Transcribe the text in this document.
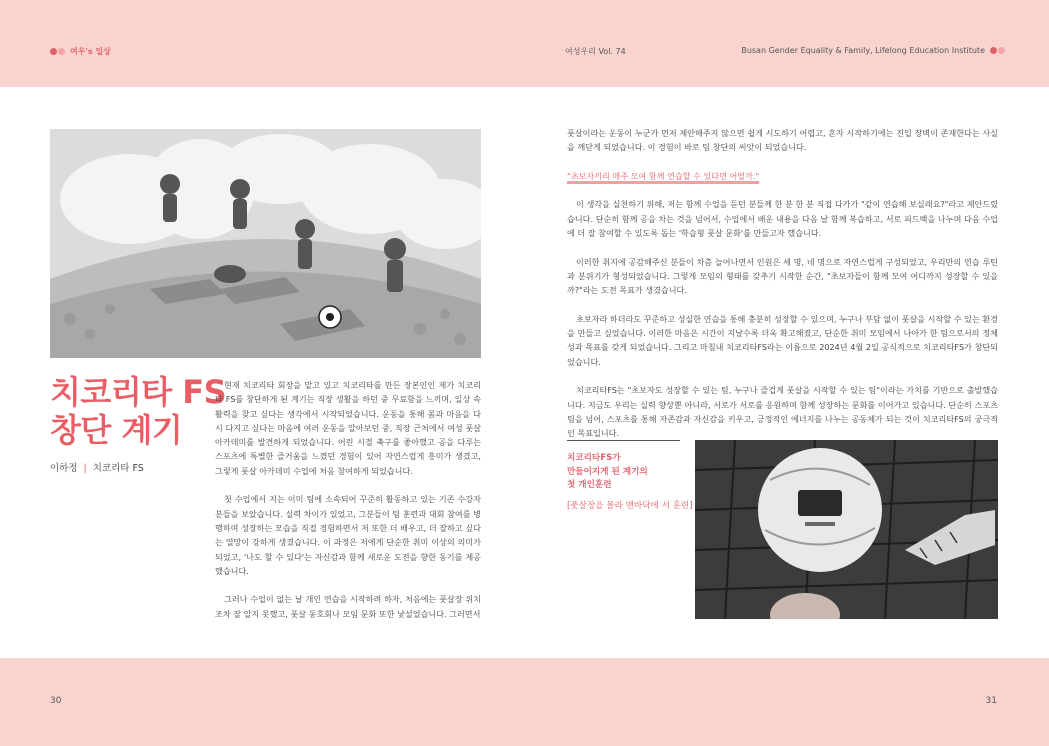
여우's 일상	여성우리 Vol. 74	Busan Gender Equality & Family, Lifelong Education Institute
치코리타 FS
창단 계기
이하정 | 치코리타 FS

현재 치코리타 회장을 맡고 있고 치코리타를 만든 장본인인 제가 치코리타 FS를 창단하게 된 계기는 직장 생활을 하던 중 무료함을 느끼며, 일상 속 활력을 찾고 싶다는 생각에서 시작되었습니다. 운동을 통해 몸과 마음을 다시 다지고 싶다는 마음에 여러 운동을 알아보던 중, 직장 근처에서 여성 풋살 아카데미를 발견하게 되었습니다. 어린 시절 축구를 좋아했고 공을 다루는 스포츠에 특별한 즐거움을 느꼈던 경험이 있어 자연스럽게 흥미가 생겼고, 그렇게 풋살 아카데미 수업에 처음 참여하게 되었습니다.

첫 수업에서 지는 이미 팀에 소속되어 꾸준히 활동하고 있는 기존 수강자 분들을 보았습니다. 실력 차이가 있었고, 그분들이 팀 훈련과 대회 참여를 병행하며 성장하는 모습을 직접 경험하면서 저 또한 더 배우고, 더 잘하고 싶다는 열망이 강하게 생겼습니다. 이 과정은 저에게 단순한 취미 이상의 의미가 되었고, '나도 할 수 있다'는 자신감과 함께 새로운 도전을 향한 동기를 제공했습니다.

그러나 수업이 없는 날 개인 연습을 시작하려 하자, 처음에는 풋살장 위치 조차 잘 알지 못했고, 풋살 동호회나 모임 문화 또한 낯설었습니다. 그러면서

풋살이라는 운동이 누군가 먼저 제안해주지 않으면 쉽게 시도하기 어렵고, 혼자 시작하기에는 진입 장벽이 존재한다는 사실을 깨닫게 되었습니다. 이 경험이 바로 팀 창단의 씨앗이 되었습니다.

"초보자끼리 매주 모여 함께 연습할 수 있다면 어떨까."

이 생각을 실천하기 위해, 저는 함께 수업을 듣던 분들께 한 분 한 분 직접 다가가 "같이 연습해 보실래요?"라고 제안드렸습니다. 단순히 함께 공을 차는 것을 넘어서, 수업에서 배운 내용을 다음 날 함께 복습하고, 서로 피드백을 나누며 다음 수업에 더 잘 참여할 수 있도록 돕는 '학습형 풋살 문화'를 만들고자 했습니다.

이러한 취지에 공감해주신 분들이 차츰 늘어나면서 인원은 세 명, 네 명으로 자연스럽게 구성되었고, 우리만의 연습 루틴과 분위기가 형성되었습니다. 그렇게 모임의 형태를 갖추기 시작한 순간, "초보자들이 함께 모여 어디까지 성장할 수 있을까?"라는 도전 목표가 생겼습니다.

초보자라 하더라도 꾸준하고 성실한 연습을 통해 충분히 성장할 수 있으며, 누구나 부담 없이 풋살을 시작할 수 있는 환경을 만들고 싶었습니다. 이러한 마음은 시간이 지날수록 더욱 확고해졌고, 단순한 취미 모임에서 나아가 한 팀으로서의 정체성과 목표를 갖게 되었습니다. 그리고 마침내 치코리타FS라는 이름으로 2024년 4월 2일 공식적으로 치코리타FS가 창단되었습니다.

치코리타FS는 "초보자도 성장할 수 있는 팀, 누구나 즐겁게 풋살을 시작할 수 있는 팀"이라는 가치를 기반으로 출발했습니다. 지금도 우리는 실력 향상뿐 아니라, 서로가 서로를 응원하며 함께 성장하는 문화를 이어가고 있습니다. 단순히 스포츠 팀을 넘어, 스포츠를 통해 자존감과 자신감을 키우고, 긍정적인 에너지를 나누는 공동체가 되는 것이 치코리타FS의 궁극적인 목표입니다.

치코리타FS가
만들어지게 된 계기의
첫 개인훈련
[풋살장을 몰라 맨바닥에 서 훈련]
30	31
